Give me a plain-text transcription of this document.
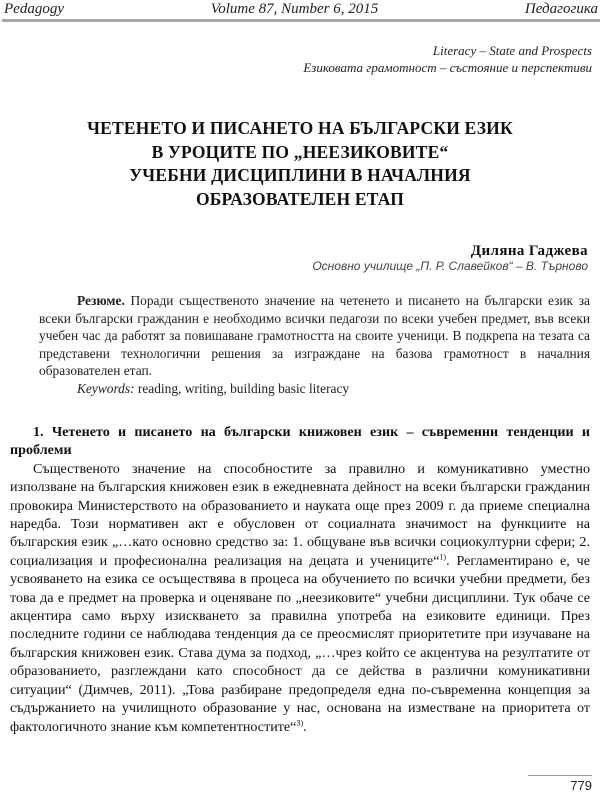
Pedagogy	Volume 87, Number 6, 2015	Педагогика
Literacy – State and Prospects
Езиковата грамотност – състояние и перспективи
ЧЕТЕНЕТО И ПИСАНЕТО НА БЪЛГАРСКИ ЕЗИК
В УРОЦИТЕ ПО „НЕЕЗИКОВИТЕ“
УЧЕБНИ ДИСЦИПЛИНИ В НАЧАЛНИЯ
ОБРАЗОВАТЕЛЕН ЕТАП
Диляна Гаджева
Основно училище „П. Р. Славейков“ – В. Търново

Резюме. Поради същественото значение на четенето и писането на български език за всеки български гражданин е необходимо всички педагози по всеки учебен предмет, във всеки учебен час да работят за повишаване грамотността на своите ученици. В подкрепа на тезата са представени технологични решения за изграждане на базова грамотност в началния образователен етап.

Keywords: reading, writing, building basic literacy

1. Четенето и писането на български книжовен език – съвременни тенденции и проблеми

Същественото значение на способностите за правилно и комуникативно уместно използване на българския книжовен език в ежедневната дейност на всеки български гражданин провокира Министерството на образованието и науката още през 2009 г. да приеме специална наредба. Този нормативен акт е обусловен от социалната значимост на функциите на българския език „…като основно средство за: 1. общуване във всички социокултурни сфери; 2. социализация и професионална реализация на децата и учениците“$^{1)}$. Регламентирано е, че усвояването на езика се осъществява в процеса на обучението по всички учебни предмети, без това да е предмет на проверка и оценяване по „неезиковите“ учебни дисциплини. Тук обаче се акцентира само върху изискването за правилна употреба на езиковите единици. През последните години се наблюдава тенденция да се преосмислят приоритетите при изучаване на българския книжовен език. Става дума за подход, „…чрез който се акцентува на резултатите от образованието, разглеждани като способност да се действа в различни комуникативни ситуации“ (Димчев, 2011). „Това разбиране предопределя една по-съвременна концепция за съдържанието на училищното образование у нас, основана на изместване на приоритета от фактологичното знание към компетентностите“$^{3)}$.

779
